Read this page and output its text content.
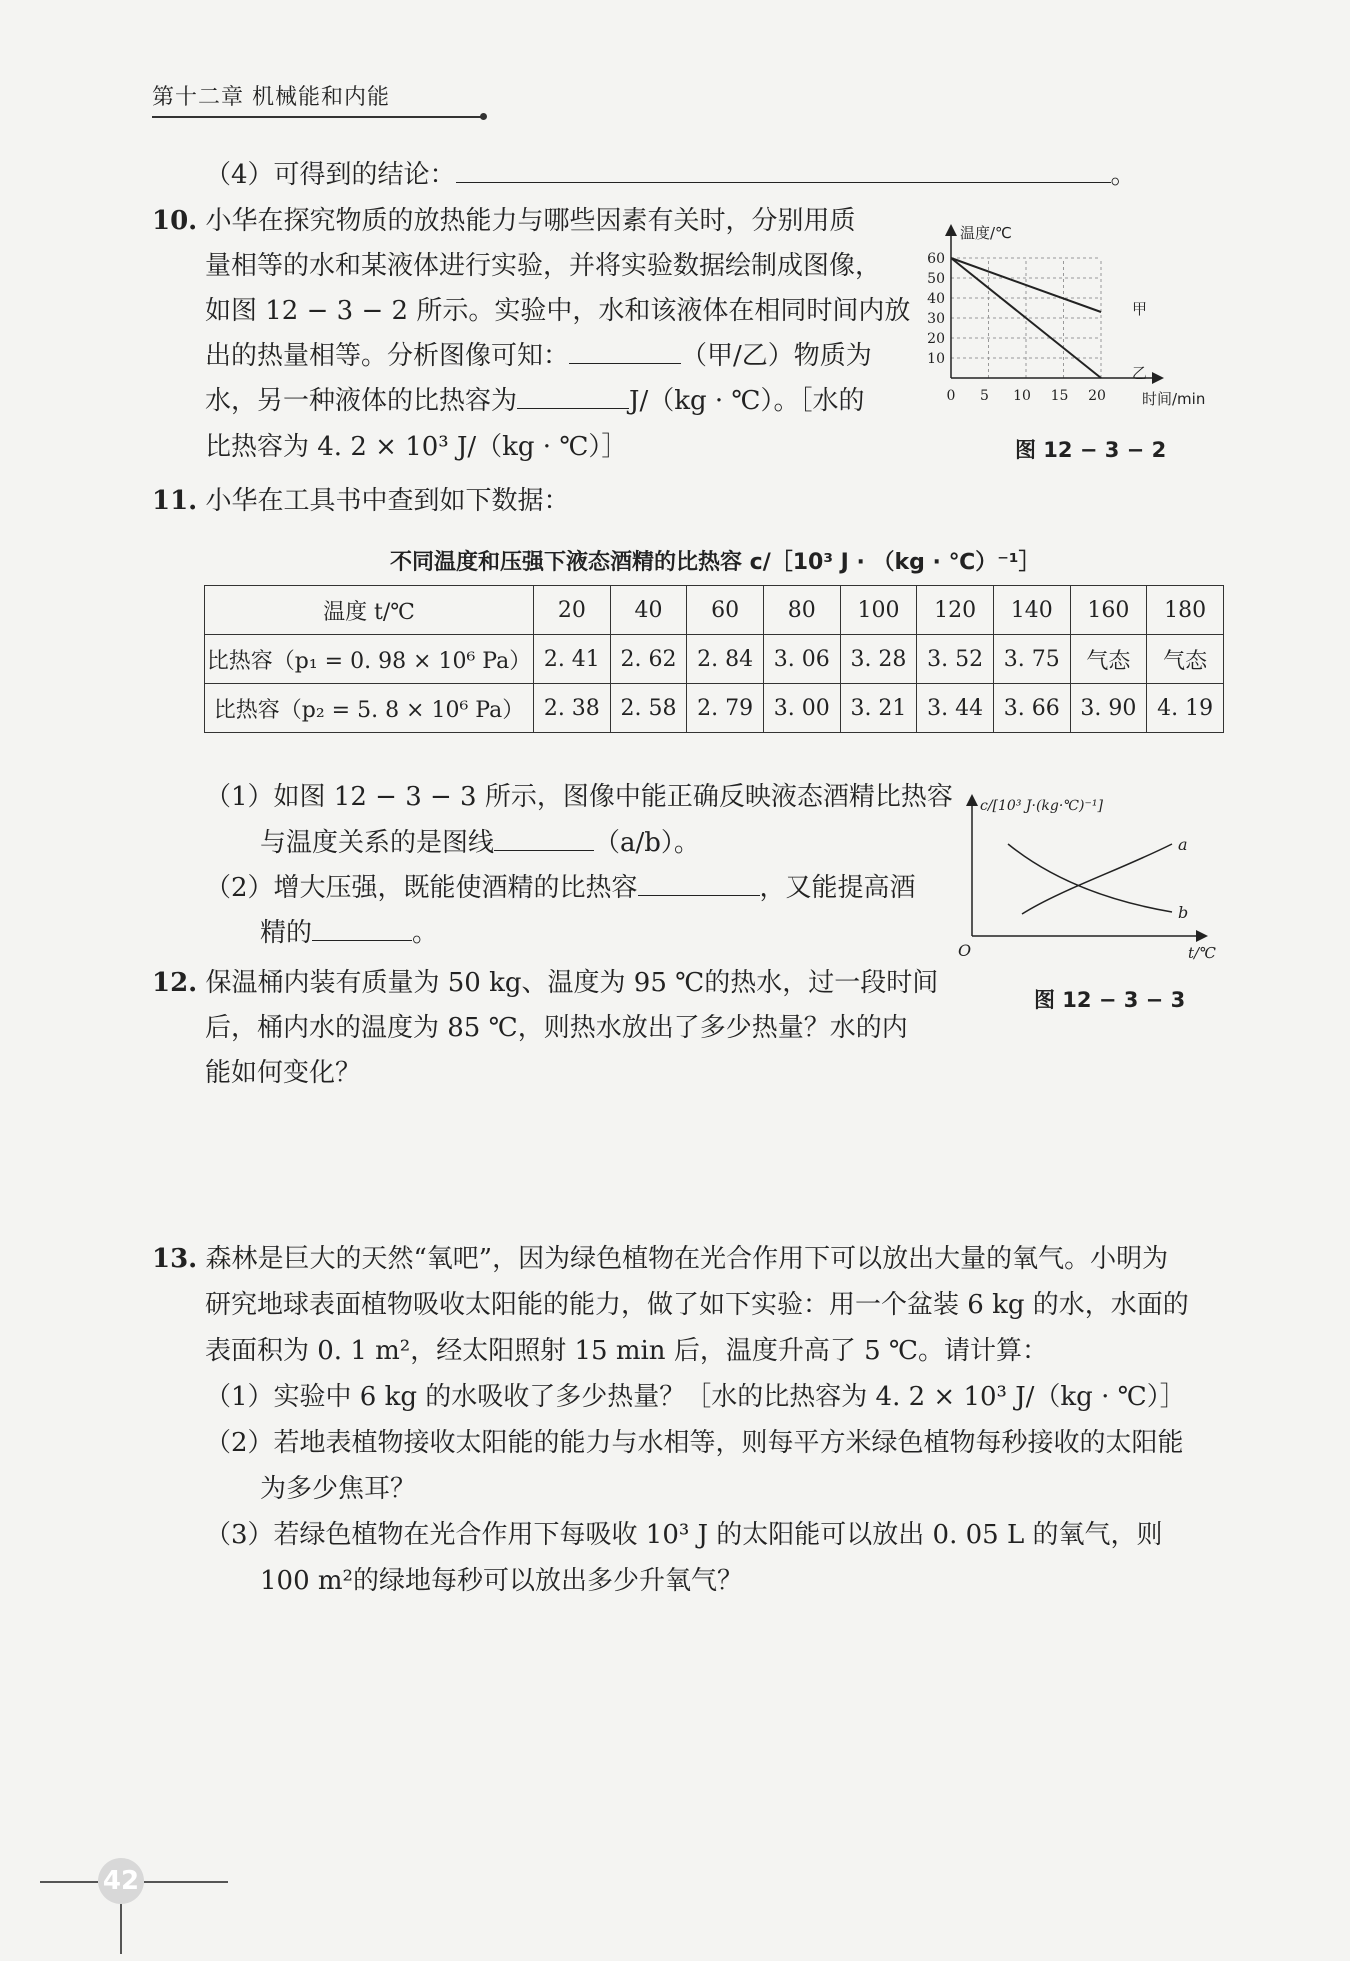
第十二章 机械能和内能
（4）可得到的结论：	。
10. 小华在探究物质的放热能力与哪些因素有关时，分别用质
量相等的水和某液体进行实验，并将实验数据绘制成图像，
如图 12 − 3 − 2 所示。实验中，水和该液体在相同时间内放
出的热量相等。分析图像可知：	（甲/乙）物质为
水，另一种液体的比热容为	J/（kg · ℃）。［水的
比热容为 4. 2 × 10³ J/（kg · ℃）］
温度/℃
时间/min
60
50
40
30
20
10
0 5 10 15 20
甲
乙
图 12 − 3 − 2
11. 小华在工具书中查到如下数据：
不同温度和压强下液态酒精的比热容 c/［10³ J · （kg · ℃）⁻¹］
温度 t/℃	20	40	60	80	100	120	140	160	180
比热容（p₁ = 0. 98 × 10⁶ Pa）	2. 41	2. 62	2. 84	3. 06	3. 28	3. 52	3. 75	气态	气态
比热容（p₂ = 5. 8 × 10⁶ Pa）	2. 38	2. 58	2. 79	3. 00	3. 21	3. 44	3. 66	3. 90	4. 19
（1）如图 12 − 3 − 3 所示，图像中能正确反映液态酒精比热容
与温度关系的是图线	（a/b）。
（2）增大压强，既能使酒精的比热容	，又能提高酒
精的	。
c/[10³ J·(kg·℃)⁻¹]
t/℃
O
a
b
图 12 − 3 − 3
12. 保温桶内装有质量为 50 kg、温度为 95 ℃的热水，过一段时间
后，桶内水的温度为 85 ℃，则热水放出了多少热量？水的内
能如何变化？
13. 森林是巨大的天然“氧吧”，因为绿色植物在光合作用下可以放出大量的氧气。小明为
研究地球表面植物吸收太阳能的能力，做了如下实验：用一个盆装 6 kg 的水，水面的
表面积为 0. 1 m²，经太阳照射 15 min 后，温度升高了 5 ℃。请计算：
（1）实验中 6 kg 的水吸收了多少热量？［水的比热容为 4. 2 × 10³ J/（kg · ℃）］
（2）若地表植物接收太阳能的能力与水相等，则每平方米绿色植物每秒接收的太阳能
为多少焦耳？
（3）若绿色植物在光合作用下每吸收 10³ J 的太阳能可以放出 0. 05 L 的氧气，则
100 m²的绿地每秒可以放出多少升氧气？
42
